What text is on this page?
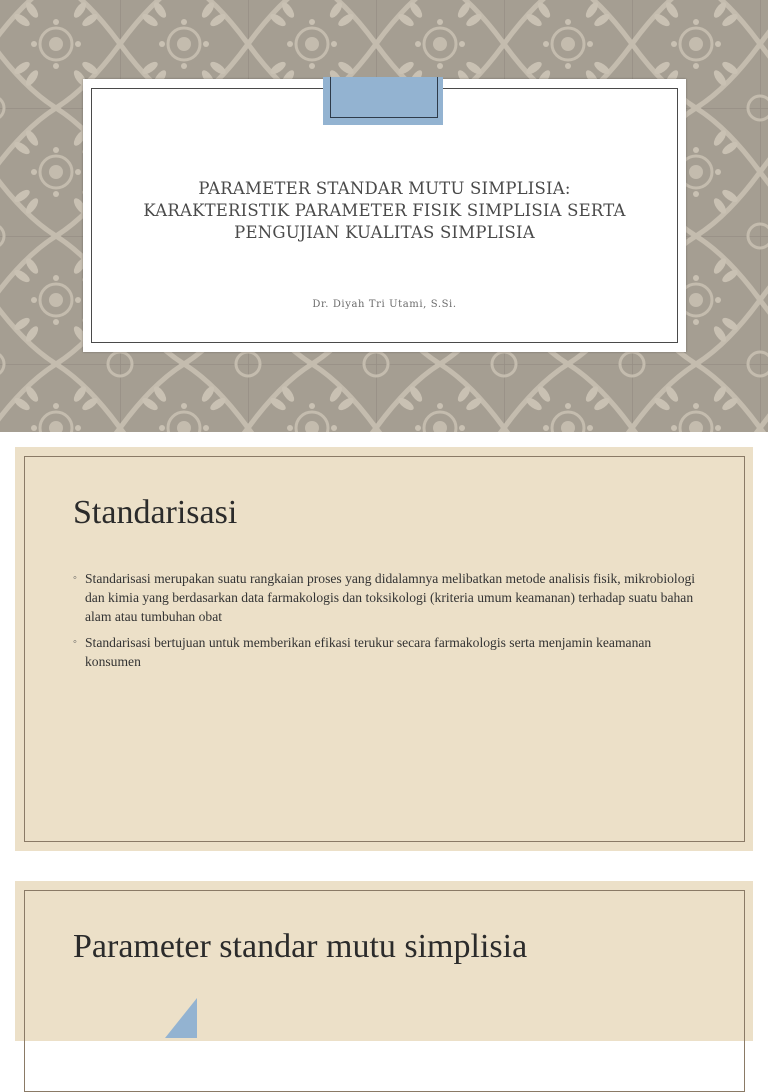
PARAMETER STANDAR MUTU SIMPLISIA:
KARAKTERISTIK PARAMETER FISIK SIMPLISIA SERTA
PENGUJIAN KUALITAS SIMPLISIA
Dr. Diyah Tri Utami, S.Si.
Standarisasi
◦ Standarisasi merupakan suatu rangkaian proses yang didalamnya melibatkan metode analisis fisik, mikrobiologi dan kimia yang berdasarkan data farmakologis dan toksikologi (kriteria umum keamanan) terhadap suatu bahan alam atau tumbuhan obat
◦ Standarisasi bertujuan untuk memberikan efikasi terukur secara farmakologis serta menjamin keamanan konsumen
Parameter standar mutu simplisia
